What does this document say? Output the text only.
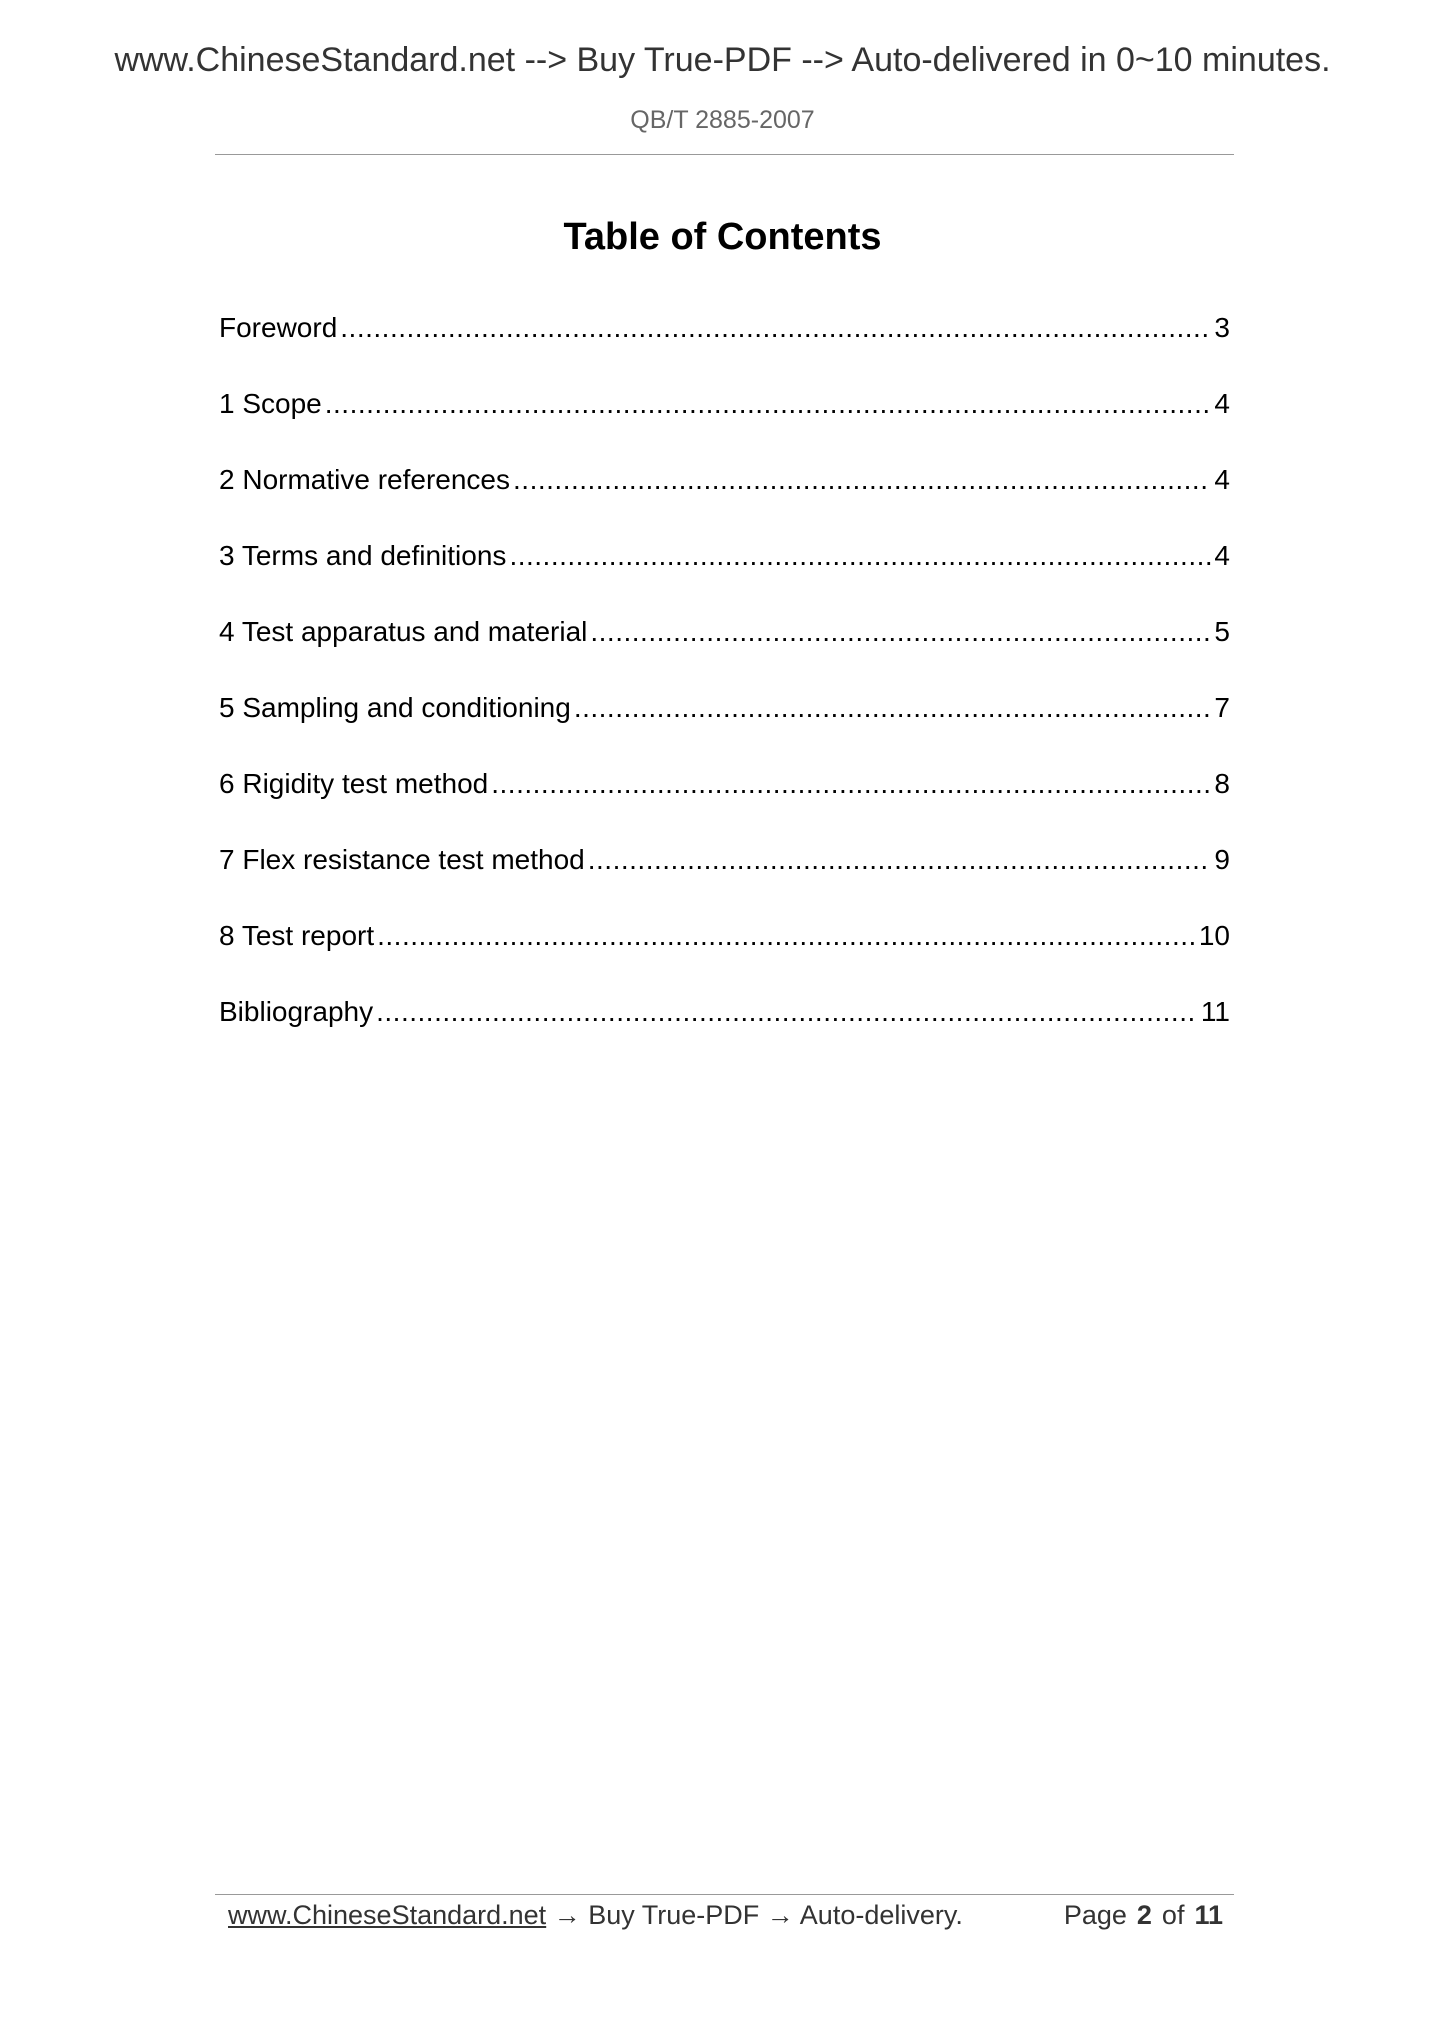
www.ChineseStandard.net --> Buy True-PDF --> Auto-delivered in 0~10 minutes.
QB/T 2885-2007
Table of Contents
Foreword .....	3
1 Scope .....	4
2 Normative references .....	4
3 Terms and definitions .....	4
4 Test apparatus and material .....	5
5 Sampling and conditioning .....	7
6 Rigidity test method .....	8
7 Flex resistance test method .....	9
8 Test report .....	10
Bibliography .....	11
www.ChineseStandard.net → Buy True-PDF → Auto-delivery.	Page 2 of 11
